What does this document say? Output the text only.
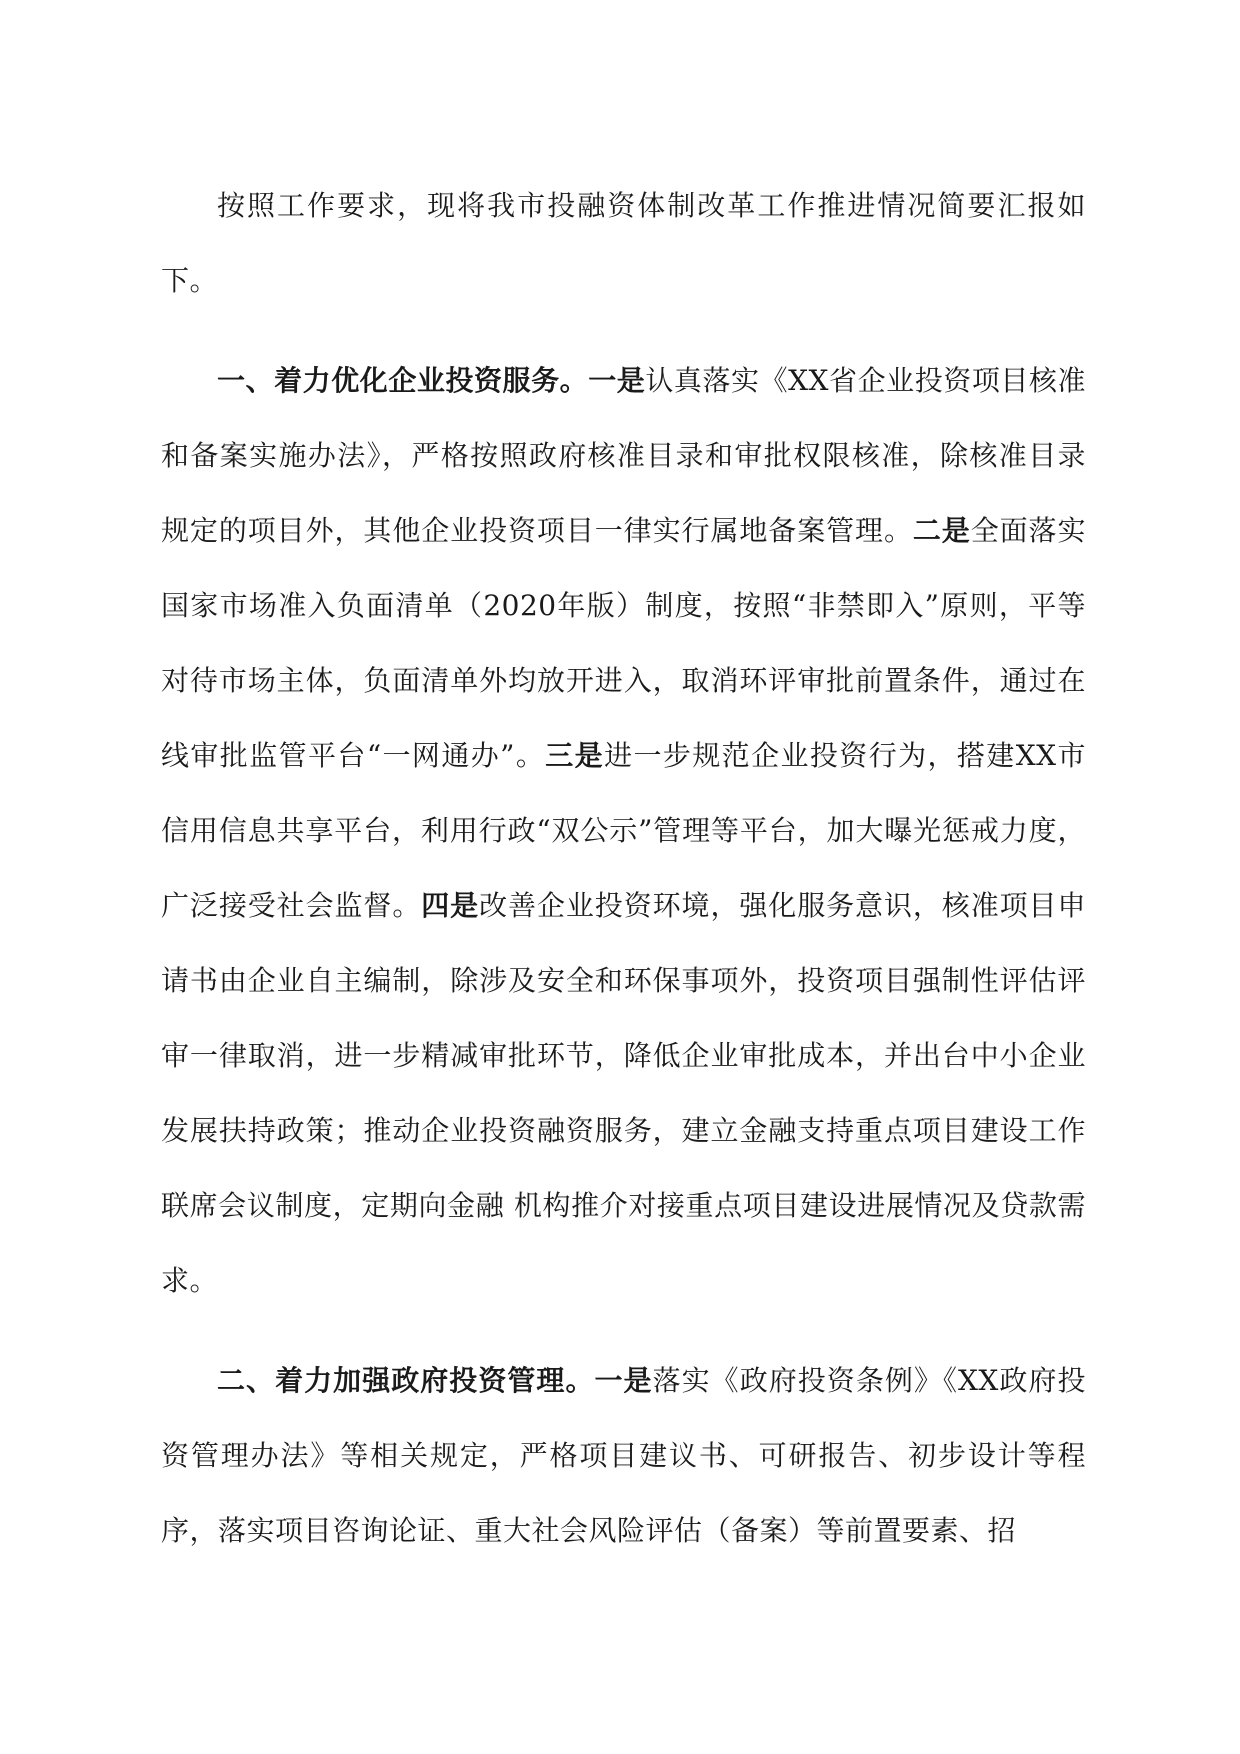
按照工作要求，现将我市投融资体制改革工作推进情况简要汇报如下。

一、着力优化企业投资服务。一是认真落实《XX省企业投资项目核准和备案实施办法》，严格按照政府核准目录和审批权限核准，除核准目录规定的项目外，其他企业投资项目一律实行属地备案管理。二是全面落实国家市场准入负面清单（2020年版）制度，按照“非禁即入”原则，平等对待市场主体，负面清单外均放开进入，取消环评审批前置条件，通过在线审批监管平台“一网通办”。三是进一步规范企业投资行为，搭建XX市信用信息共享平台，利用行政“双公示”管理等平台，加大曝光惩戒力度，广泛接受社会监督。四是改善企业投资环境，强化服务意识，核准项目申请书由企业自主编制，除涉及安全和环保事项外，投资项目强制性评估评审一律取消，进一步精减审批环节，降低企业审批成本，并出台中小企业发展扶持政策；推动企业投资融资服务，建立金融支持重点项目建设工作联席会议制度，定期向金融 机构推介对接重点项目建设进展情况及贷款需求。

二、着力加强政府投资管理。一是落实《政府投资条例》《XX政府投资管理办法》等相关规定，严格项目建议书、可研报告、初步设计等程序，落实项目咨询论证、重大社会风险评估（备案）等前置要素、招
